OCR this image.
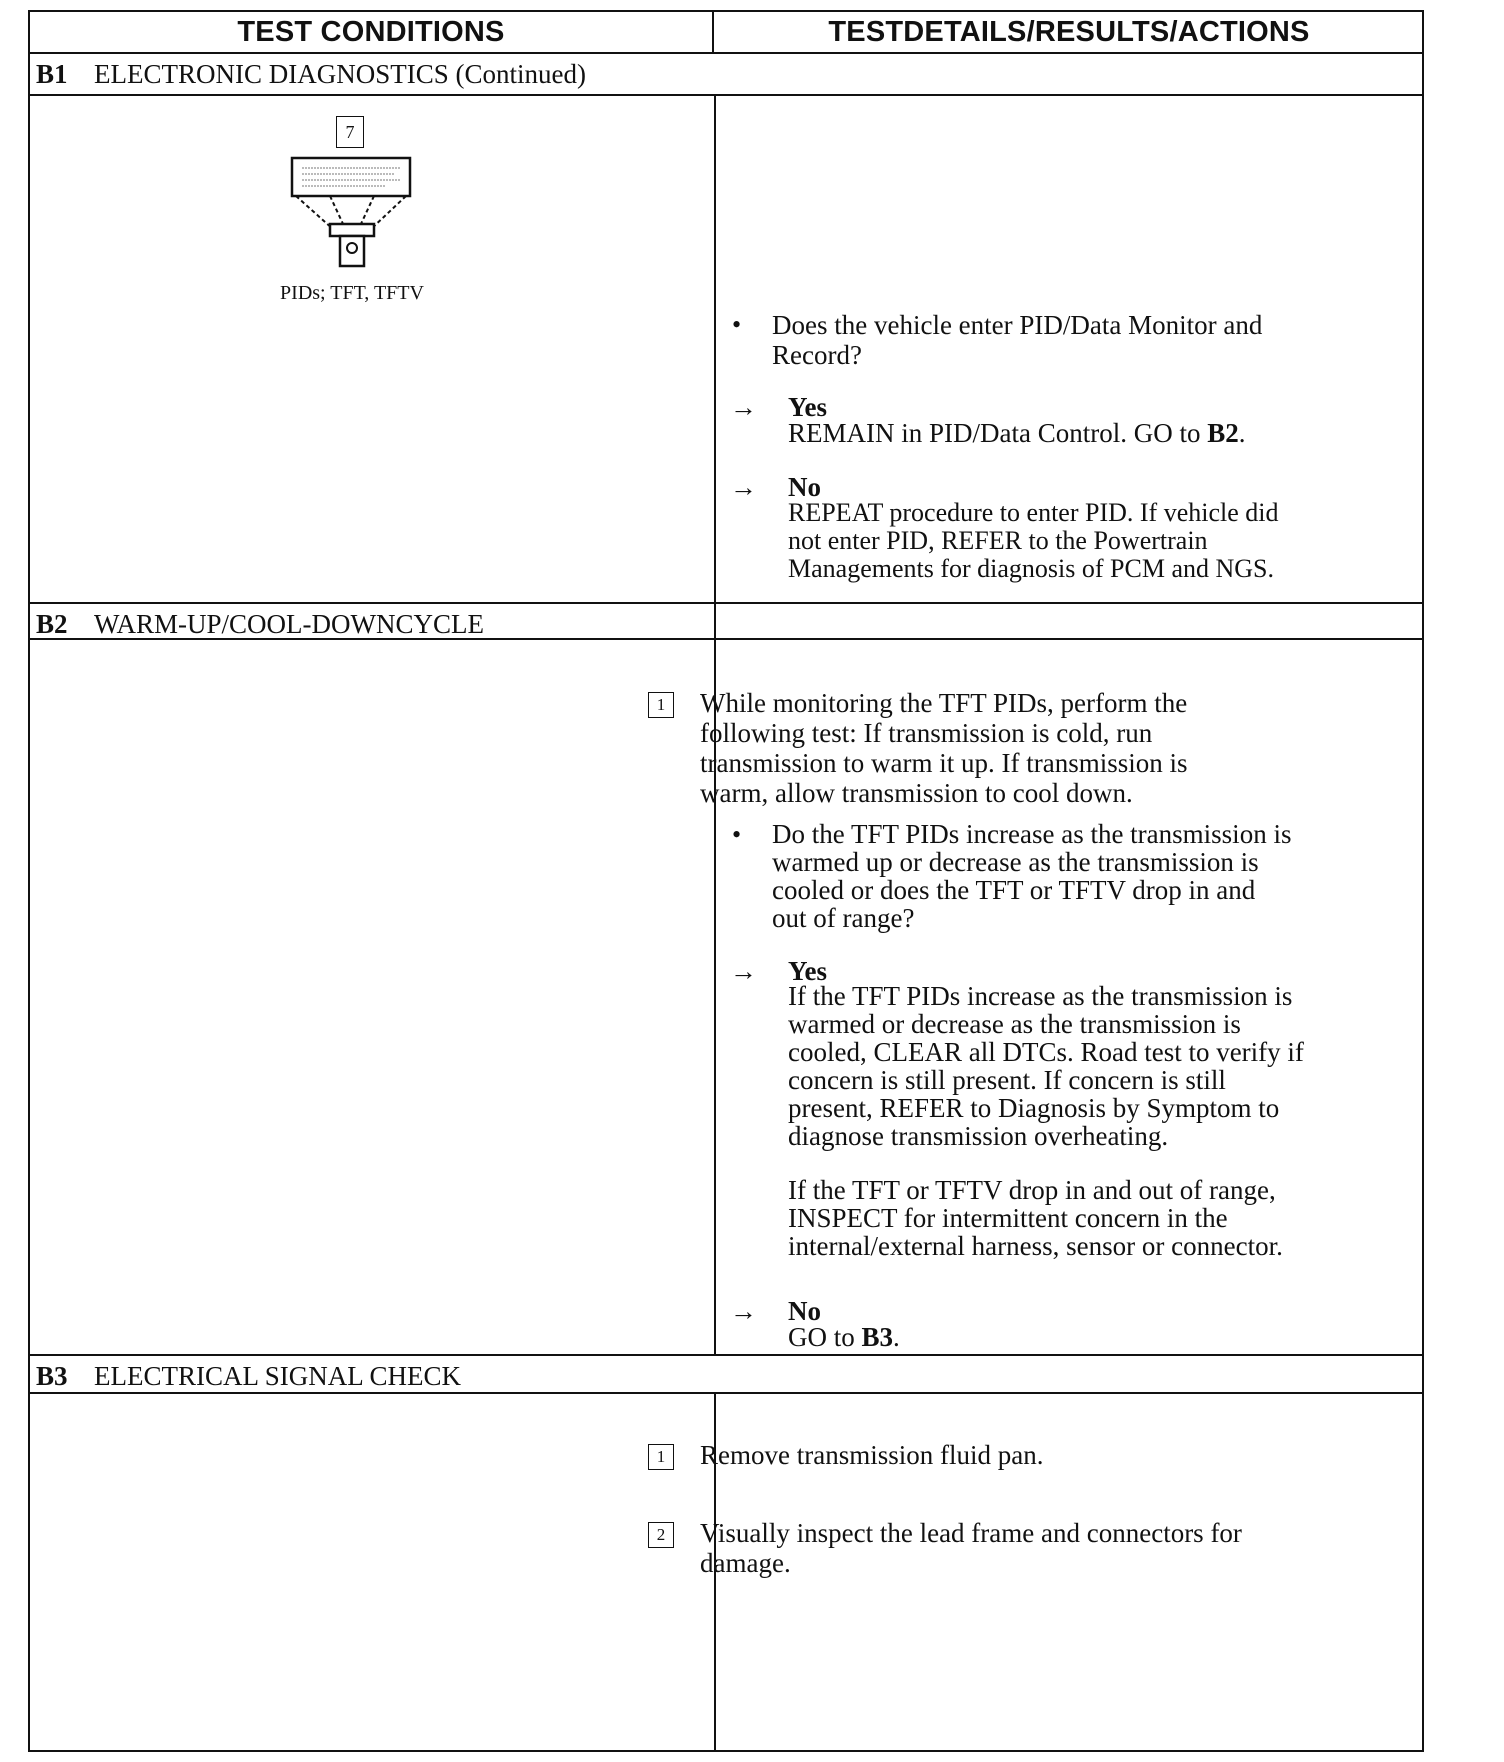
TEST CONDITIONS	TESTDETAILS/RESULTS/ACTIONS
B1 ELECTRONIC DIAGNOSTICS (Continued)
7
PIDs; TFT, TFTV
• Does the vehicle enter PID/Data Monitor and Record?
→ Yes
REMAIN in PID/Data Control. GO to B2.
→ No
REPEAT procedure to enter PID. If vehicle did not enter PID, REFER to the Powertrain Managements for diagnosis of PCM and NGS.
B2 WARM-UP/COOL-DOWNCYCLE
1	While monitoring the TFT PIDs, perform the following test: If transmission is cold, run transmission to warm it up. If transmission is warm, allow transmission to cool down.
• Do the TFT PIDs increase as the transmission is warmed up or decrease as the transmission is cooled or does the TFT or TFTV drop in and out of range?
→ Yes
If the TFT PIDs increase as the transmission is warmed or decrease as the transmission is cooled, CLEAR all DTCs. Road test to verify if concern is still present. If concern is still present, REFER to Diagnosis by Symptom to diagnose transmission overheating.
If the TFT or TFTV drop in and out of range, INSPECT for intermittent concern in the internal/external harness, sensor or connector.
→ No
GO to B3.
B3 ELECTRICAL SIGNAL CHECK
1	Remove transmission fluid pan.
2	Visually inspect the lead frame and connectors for damage.
